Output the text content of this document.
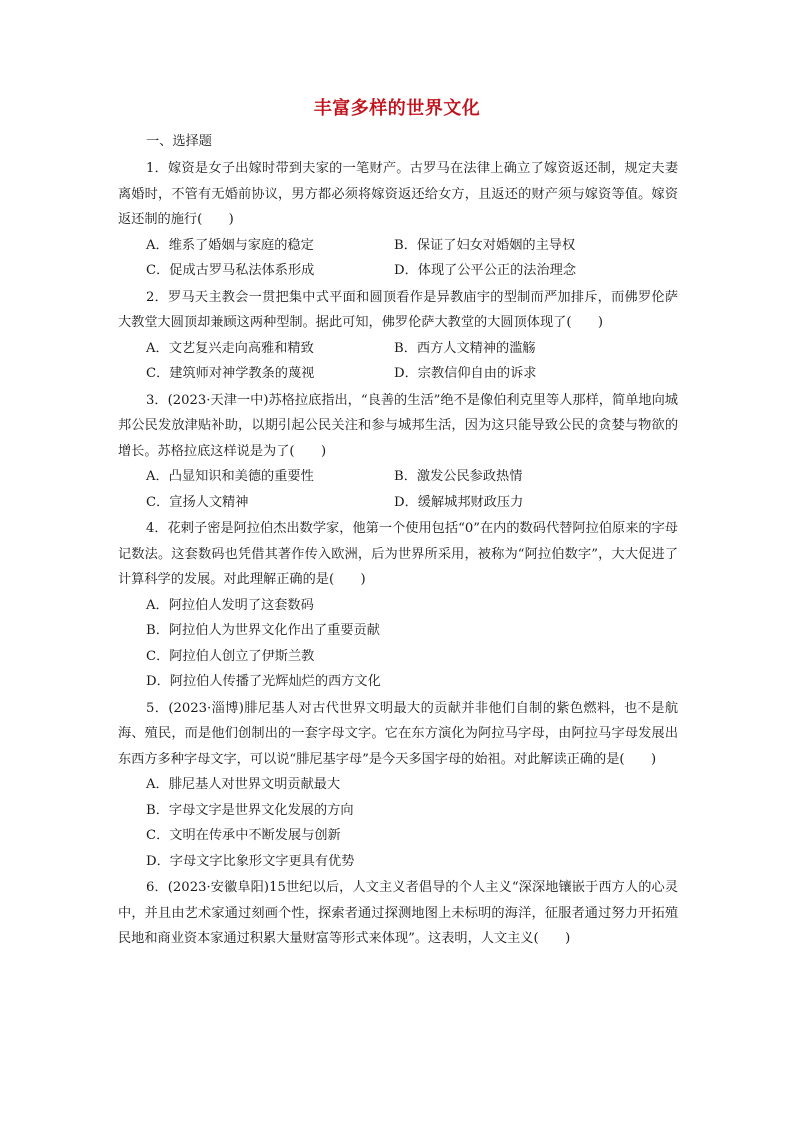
丰富多样的世界文化
一、选择题

1．嫁资是女子出嫁时带到夫家的一笔财产。古罗马在法律上确立了嫁资返还制，规定夫妻离婚时，不管有无婚前协议，男方都必须将嫁资返还给女方，且返还的财产须与嫁资等值。嫁资返还制的施行(　　)

A．维系了婚姻与家庭的稳定	B．保证了妇女对婚姻的主导权
C．促成古罗马私法体系形成	D．体现了公平公正的法治理念

2．罗马天主教会一贯把集中式平面和圆顶看作是异教庙宇的型制而严加排斥，而佛罗伦萨大教堂大圆顶却兼顾这两种型制。据此可知，佛罗伦萨大教堂的大圆顶体现了(　　)

A．文艺复兴走向高雅和精致	B．西方人文精神的滥觞
C．建筑师对神学教条的蔑视	D．宗教信仰自由的诉求

3．(2023·天津一中)苏格拉底指出，“良善的生活”绝不是像伯利克里等人那样，简单地向城邦公民发放津贴补助，以期引起公民关注和参与城邦生活，因为这只能导致公民的贪婪与物欲的增长。苏格拉底这样说是为了(　　)

A．凸显知识和美德的重要性	B．激发公民参政热情
C．宣扬人文精神	D．缓解城邦财政压力

4．花剌子密是阿拉伯杰出数学家，他第一个使用包括“0”在内的数码代替阿拉伯原来的字母记数法。这套数码也凭借其著作传入欧洲，后为世界所采用，被称为“阿拉伯数字”，大大促进了计算科学的发展。对此理解正确的是(　　)

A．阿拉伯人发明了这套数码
B．阿拉伯人为世界文化作出了重要贡献
C．阿拉伯人创立了伊斯兰教
D．阿拉伯人传播了光辉灿烂的西方文化

5．(2023·淄博)腓尼基人对古代世界文明最大的贡献并非他们自制的紫色燃料，也不是航海、殖民，而是他们创制出的一套字母文字。它在东方演化为阿拉马字母，由阿拉马字母发展出东西方多种字母文字，可以说“腓尼基字母”是今天多国字母的始祖。对此解读正确的是(　　)

A．腓尼基人对世界文明贡献最大
B．字母文字是世界文化发展的方向
C．文明在传承中不断发展与创新
D．字母文字比象形文字更具有优势

6．(2023·安徽阜阳)15世纪以后，人文主义者倡导的个人主义“深深地镶嵌于西方人的心灵中，并且由艺术家通过刻画个性，探索者通过探测地图上未标明的海洋，征服者通过努力开拓殖民地和商业资本家通过积累大量财富等形式来体现”。这表明，人文主义(　　)
